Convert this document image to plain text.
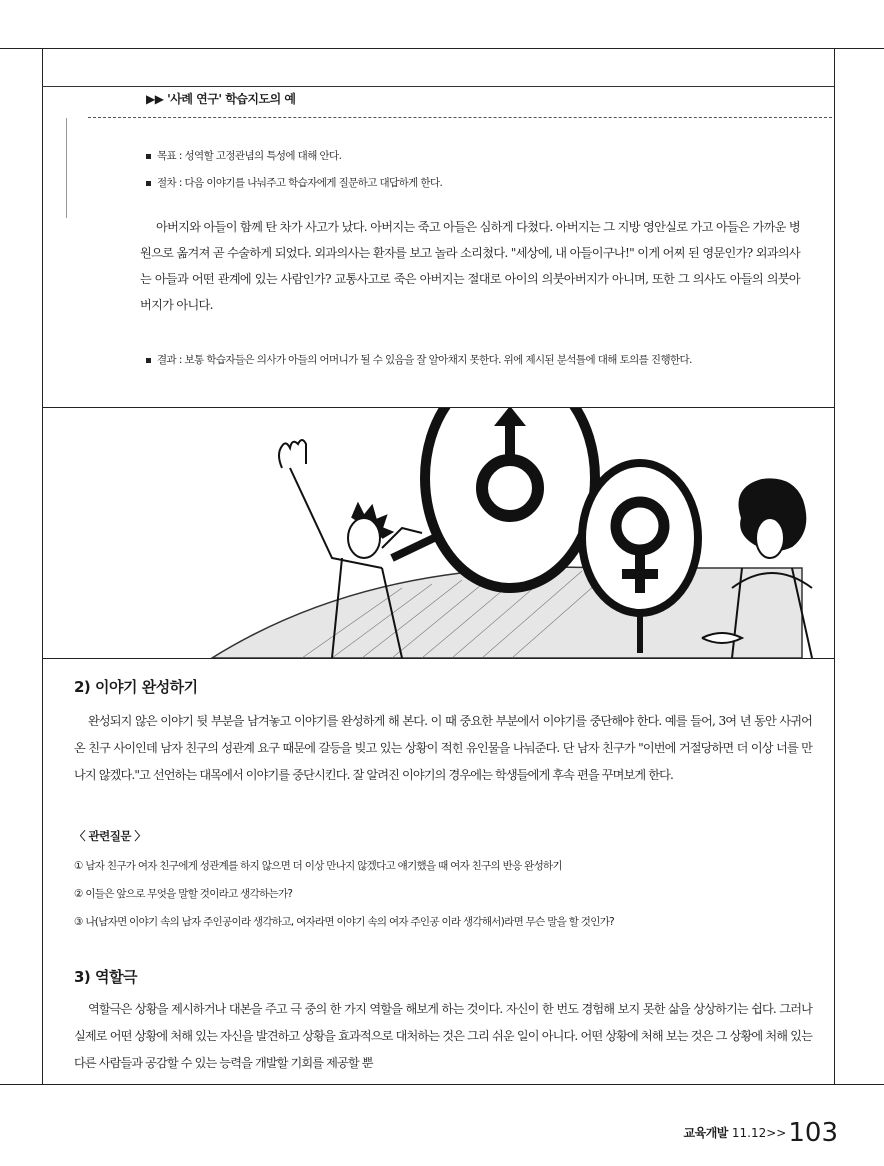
▶▶ '사례 연구' 학습지도의 예
목표 : 성역할 고정관념의 특성에 대해 안다.
절차 : 다음 이야기를 나눠주고 학습자에게 질문하고 대답하게 한다.

아버지와 아들이 함께 탄 차가 사고가 났다. 아버지는 죽고 아들은 심하게 다쳤다. 아버지는 그 지방 영안실로 가고 아들은 가까운 병원으로 옮겨져 곧 수술하게 되었다. 외과의사는 환자를 보고 놀라 소리쳤다. "세상에, 내 아들이구나!" 이게 어찌 된 영문인가? 외과의사는 아들과 어떤 관계에 있는 사람인가? 교통사고로 죽은 아버지는 절대로 아이의 의붓아버지가 아니며, 또한 그 의사도 아들의 의붓아버지가 아니다.

결과 : 보통 학습자들은 의사가 아들의 어머니가 될 수 있음을 잘 알아채지 못한다. 위에 제시된 분석틀에 대해 토의를 진행한다.
2) 이야기 완성하기

완성되지 않은 이야기 뒷 부분을 남겨놓고 이야기를 완성하게 해 본다. 이 때 중요한 부분에서 이야기를 중단해야 한다. 예를 들어, 3여 년 동안 사귀어 온 친구 사이인데 남자 친구의 성관계 요구 때문에 갈등을 빚고 있는 상황이 적힌 유인물을 나눠준다. 단 남자 친구가 "이번에 거절당하면 더 이상 너를 만나지 않겠다."고 선언하는 대목에서 이야기를 중단시킨다. 잘 알려진 이야기의 경우에는 학생들에게 후속 편을 꾸며보게 한다.

〈 관련질문 〉
① 남자 친구가 여자 친구에게 성관계를 하지 않으면 더 이상 만나지 않겠다고 얘기했을 때 여자 친구의 반응 완성하기
② 이들은 앞으로 무엇을 말할 것이라고 생각하는가?
③ 나(남자면 이야기 속의 남자 주인공이라 생각하고, 여자라면 이야기 속의 여자 주인공 이라 생각해서)라면 무슨 말을 할 것인가?
3) 역할극

역할극은 상황을 제시하거나 대본을 주고 극 중의 한 가지 역할을 해보게 하는 것이다. 자신이 한 번도 경험해 보지 못한 삶을 상상하기는 쉽다. 그러나 실제로 어떤 상황에 처해 있는 자신을 발견하고 상황을 효과적으로 대처하는 것은 그리 쉬운 일이 아니다. 어떤 상황에 처해 보는 것은 그 상황에 처해 있는 다른 사람들과 공감할 수 있는 능력을 개발할 기회를 제공할 뿐

교육개발 11.12>>103
